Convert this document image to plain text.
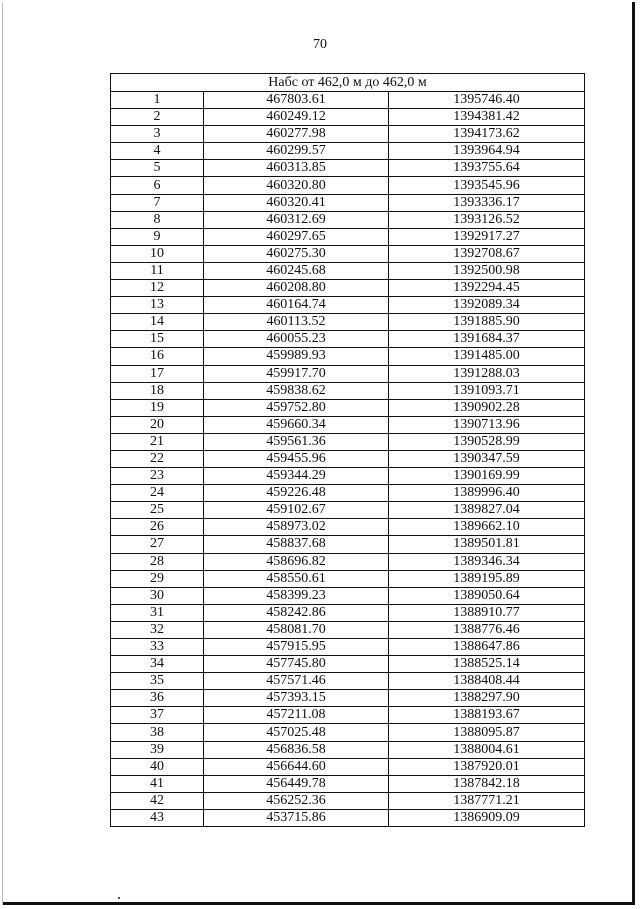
70
Набс от 462,0 м до 462,0 м		
1	467803.61	1395746.40
2	460249.12	1394381.42
3	460277.98	1394173.62
4	460299.57	1393964.94
5	460313.85	1393755.64
6	460320.80	1393545.96
7	460320.41	1393336.17
8	460312.69	1393126.52
9	460297.65	1392917.27
10	460275.30	1392708.67
11	460245.68	1392500.98
12	460208.80	1392294.45
13	460164.74	1392089.34
14	460113.52	1391885.90
15	460055.23	1391684.37
16	459989.93	1391485.00
17	459917.70	1391288.03
18	459838.62	1391093.71
19	459752.80	1390902.28
20	459660.34	1390713.96
21	459561.36	1390528.99
22	459455.96	1390347.59
23	459344.29	1390169.99
24	459226.48	1389996.40
25	459102.67	1389827.04
26	458973.02	1389662.10
27	458837.68	1389501.81
28	458696.82	1389346.34
29	458550.61	1389195.89
30	458399.23	1389050.64
31	458242.86	1388910.77
32	458081.70	1388776.46
33	457915.95	1388647.86
34	457745.80	1388525.14
35	457571.46	1388408.44
36	457393.15	1388297.90
37	457211.08	1388193.67
38	457025.48	1388095.87
39	456836.58	1388004.61
40	456644.60	1387920.01
41	456449.78	1387842.18
42	456252.36	1387771.21
43	453715.86	1386909.09
